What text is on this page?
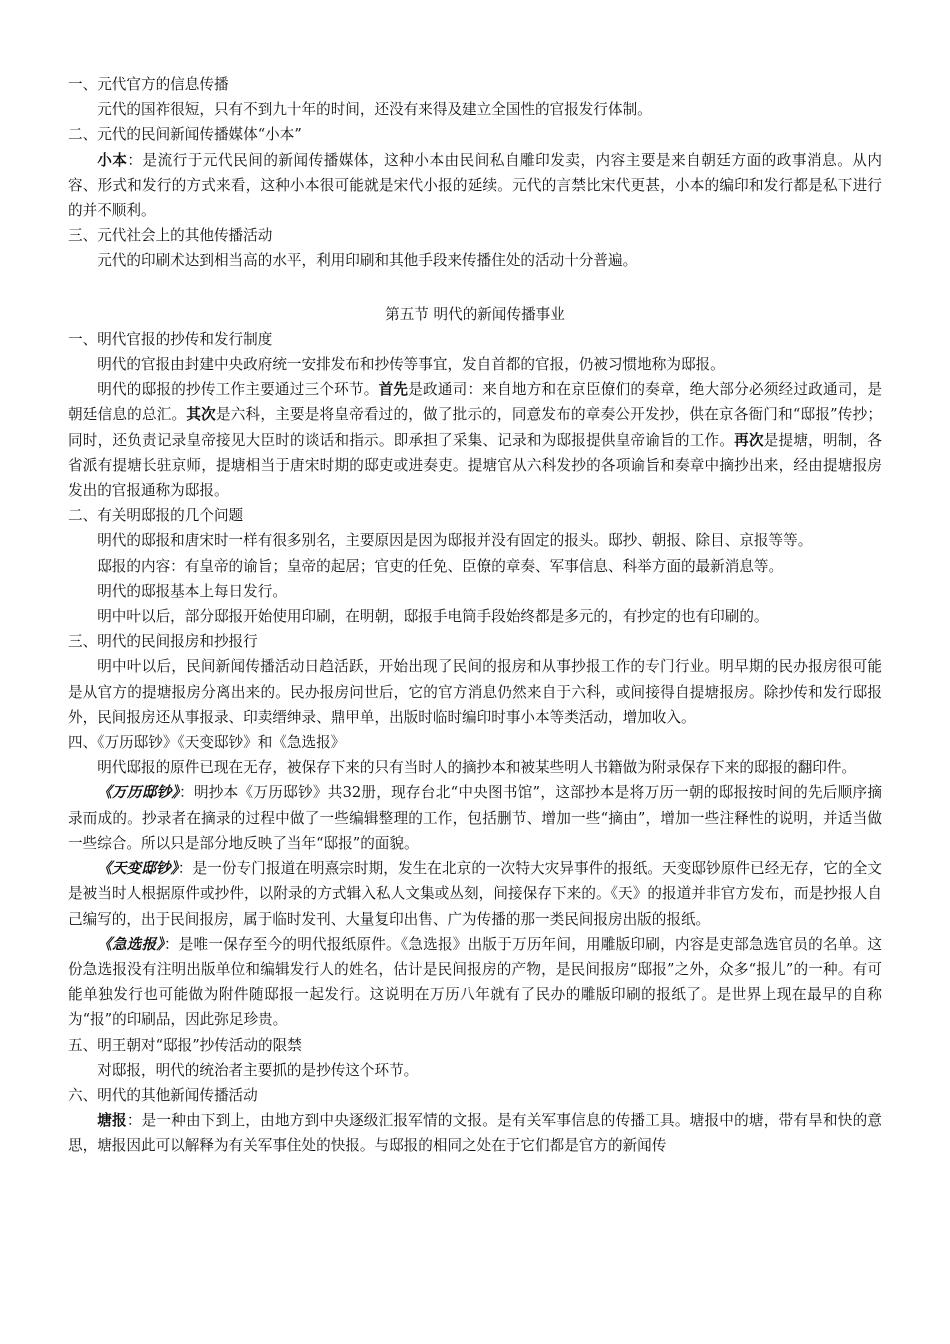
一、元代官方的信息传播

元代的国祚很短，只有不到九十年的时间，还没有来得及建立全国性的官报发行体制。

二、元代的民间新闻传播媒体“小本”

小本：是流行于元代民间的新闻传播媒体，这种小本由民间私自雕印发卖，内容主要是来自朝廷方面的政事消息。从内容、形式和发行的方式来看，这种小本很可能就是宋代小报的延续。元代的言禁比宋代更甚，小本的编印和发行都是私下进行的并不顺利。

三、元代社会上的其他传播活动

元代的印刷术达到相当高的水平，利用印刷和其他手段来传播住处的活动十分普遍。

第五节 明代的新闻传播事业

一、明代官报的抄传和发行制度

明代的官报由封建中央政府统一安排发布和抄传等事宜，发自首都的官报，仍被习惯地称为邸报。

明代的邸报的抄传工作主要通过三个环节。首先是政通司：来自地方和在京臣僚们的奏章，绝大部分必须经过政通司，是朝廷信息的总汇。其次是六科，主要是将皇帝看过的，做了批示的，同意发布的章奏公开发抄，供在京各衙门和“邸报”传抄；同时，还负责记录皇帝接见大臣时的谈话和指示。即承担了采集、记录和为邸报提供皇帝谕旨的工作。再次是提塘，明制，各省派有提塘长驻京师，提塘相当于唐宋时期的邸吏或进奏吏。提塘官从六科发抄的各项谕旨和奏章中摘抄出来，经由提塘报房发出的官报通称为邸报。

二、有关明邸报的几个问题

明代的邸报和唐宋时一样有很多别名，主要原因是因为邸报并没有固定的报头。邸抄、朝报、除目、京报等等。

邸报的内容：有皇帝的谕旨；皇帝的起居；官吏的任免、臣僚的章奏、军事信息、科举方面的最新消息等。

明代的邸报基本上每日发行。

明中叶以后，部分邸报开始使用印刷，在明朝，邸报手电筒手段始终都是多元的，有抄定的也有印刷的。

三、明代的民间报房和抄报行

明中叶以后，民间新闻传播活动日趋活跃，开始出现了民间的报房和从事抄报工作的专门行业。明早期的民办报房很可能是从官方的提塘报房分离出来的。民办报房问世后，它的官方消息仍然来自于六科，或间接得自提塘报房。除抄传和发行邸报外，民间报房还从事报录、印卖缙绅录、鼎甲单，出版时临时编印时事小本等类活动，增加收入。

四、《万历邸钞》《天变邸钞》和《急选报》

明代邸报的原件已现在无存，被保存下来的只有当时人的摘抄本和被某些明人书籍做为附录保存下来的邸报的翻印件。

《万历邸钞》：明抄本《万历邸钞》共32册，现存台北“中央图书馆”，这部抄本是将万历一朝的邸报按时间的先后顺序摘录而成的。抄录者在摘录的过程中做了一些编辑整理的工作，包括删节、增加一些“摘由”，增加一些注释性的说明，并适当做一些综合。所以只是部分地反映了当年“邸报”的面貌。

《天变邸钞》：是一份专门报道在明熹宗时期，发生在北京的一次特大灾异事件的报纸。天变邸钞原件已经无存，它的全文是被当时人根据原件或抄件，以附录的方式辑入私人文集或丛刻，间接保存下来的。《天》的报道并非官方发布，而是抄报人自己编写的，出于民间报房，属于临时发刊、大量复印出售、广为传播的那一类民间报房出版的报纸。

《急选报》：是唯一保存至今的明代报纸原件。《急选报》出版于万历年间，用雕版印刷，内容是吏部急选官员的名单。这份急选报没有注明出版单位和编辑发行人的姓名，估计是民间报房的产物，是民间报房“邸报”之外，众多“报儿”的一种。有可能单独发行也可能做为附件随邸报一起发行。这说明在万历八年就有了民办的雕版印刷的报纸了。是世界上现在最早的自称为“报”的印刷品，因此弥足珍贵。

五、明王朝对“邸报”抄传活动的限禁

对邸报，明代的统治者主要抓的是抄传这个环节。

六、明代的其他新闻传播活动

塘报：是一种由下到上，由地方到中央逐级汇报军情的文报。是有关军事信息的传播工具。塘报中的塘，带有旱和快的意思，塘报因此可以解释为有关军事住处的快报。与邸报的相同之处在于它们都是官方的新闻传
